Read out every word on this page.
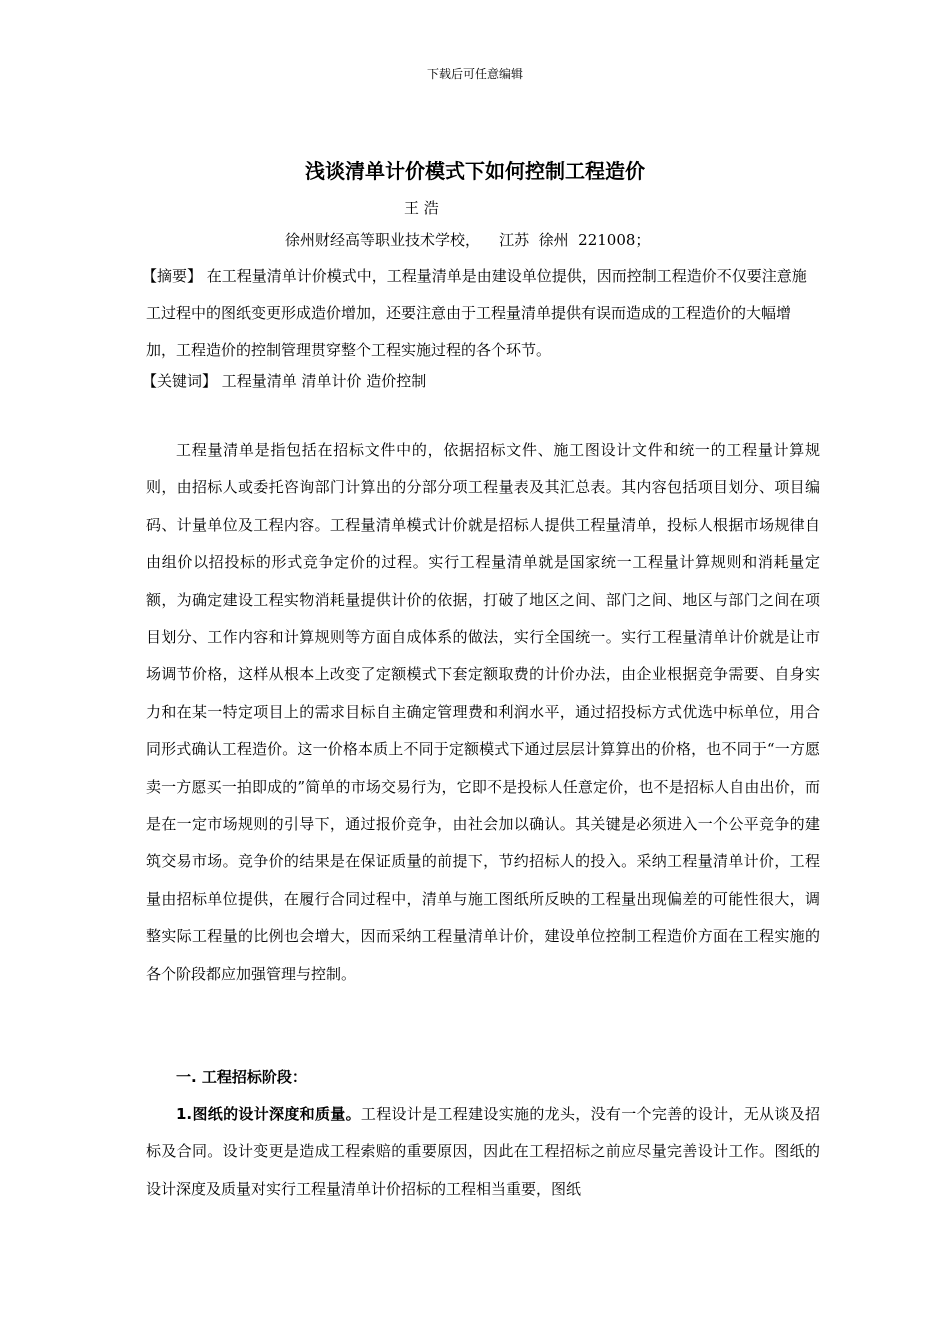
下载后可任意编辑
浅谈清单计价模式下如何控制工程造价
王 浩
徐州财经高等职业技术学校，    江苏  徐州  221008；
【摘要】 在工程量清单计价模式中，工程量清单是由建设单位提供，因而控制工程造价不仅要注意施工过程中的图纸变更形成造价增加，还要注意由于工程量清单提供有误而造成的工程造价的大幅增加，工程造价的控制管理贯穿整个工程实施过程的各个环节。
【关键词】 工程量清单 清单计价 造价控制
工程量清单是指包括在招标文件中的，依据招标文件、施工图设计文件和统一的工程量计算规则，由招标人或委托咨询部门计算出的分部分项工程量表及其汇总表。其内容包括项目划分、项目编码、计量单位及工程内容。工程量清单模式计价就是招标人提供工程量清单，投标人根据市场规律自由组价以招投标的形式竞争定价的过程。实行工程量清单就是国家统一工程量计算规则和消耗量定额，为确定建设工程实物消耗量提供计价的依据，打破了地区之间、部门之间、地区与部门之间在项目划分、工作内容和计算规则等方面自成体系的做法，实行全国统一。实行工程量清单计价就是让市场调节价格，这样从根本上改变了定额模式下套定额取费的计价办法，由企业根据竞争需要、自身实力和在某一特定项目上的需求目标自主确定管理费和利润水平，通过招投标方式优选中标单位，用合同形式确认工程造价。这一价格本质上不同于定额模式下通过层层计算算出的价格，也不同于“一方愿卖一方愿买一拍即成的”简单的市场交易行为，它即不是投标人任意定价，也不是招标人自由出价，而是在一定市场规则的引导下，通过报价竞争，由社会加以确认。其关键是必须进入一个公平竞争的建筑交易市场。竞争价的结果是在保证质量的前提下，节约招标人的投入。采纳工程量清单计价，工程量由招标单位提供，在履行合同过程中，清单与施工图纸所反映的工程量出现偏差的可能性很大，调整实际工程量的比例也会增大，因而采纳工程量清单计价，建设单位控制工程造价方面在工程实施的各个阶段都应加强管理与控制。
一. 工程招标阶段：
1.图纸的设计深度和质量。工程设计是工程建设实施的龙头，没有一个完善的设计，无从谈及招标及合同。设计变更是造成工程索赔的重要原因，因此在工程招标之前应尽量完善设计工作。图纸的设计深度及质量对实行工程量清单计价招标的工程相当重要，图纸
